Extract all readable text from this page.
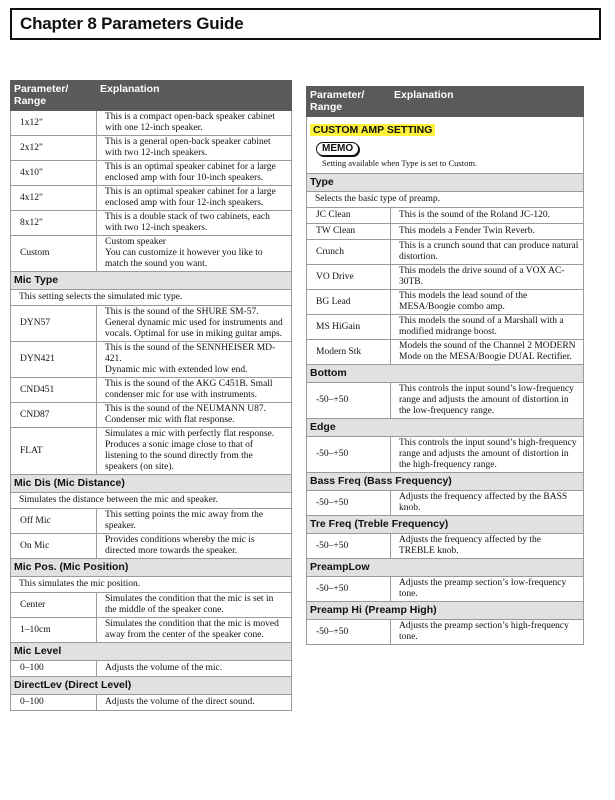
Chapter 8 Parameters Guide
Parameter/
Range	Explanation
1x12"	This is a compact open-back speaker cabinet with one 12-inch speaker.
2x12"	This is a general open-back speaker cabinet with two 12-inch speakers.
4x10"	This is an optimal speaker cabinet for a large enclosed amp with four 10-inch speakers.
4x12"	This is an optimal speaker cabinet for a large enclosed amp with four 12-inch speakers.
8x12"	This is a double stack of two cabinets, each with two 12-inch speakers.
Custom	Custom speaker
You can customize it however you like to match the sound you want.
Mic Type	
This setting selects the simulated mic type.	
DYN57	This is the sound of the SHURE SM-57. General dynamic mic used for instruments and vocals. Optimal for use in miking guitar amps.
DYN421	This is the sound of the SENNHEISER MD-421.
Dynamic mic with extended low end.
CND451	This is the sound of the AKG C451B. Small condenser mic for use with instruments.
CND87	This is the sound of the NEUMANN U87. Condenser mic with flat response.
FLAT	Simulates a mic with perfectly flat response. Produces a sonic image close to that of listening to the sound directly from the speakers (on site).
Mic Dis (Mic Distance)	
Simulates the distance between the mic and speaker.	
Off Mic	This setting points the mic away from the speaker.
On Mic	Provides conditions whereby the mic is directed more towards the speaker.
Mic Pos. (Mic Position)	
This simulates the mic position.	
Center	Simulates the condition that the mic is set in the middle of the speaker cone.
1–10cm	Simulates the condition that the mic is moved away from the center of the speaker cone.
Mic Level	
0–100	Adjusts the volume of the mic.
DirectLev (Direct Level)	
0–100	Adjusts the volume of the direct sound.
Parameter/
Range	Explanation
CUSTOM AMP SETTING
MEMO
Setting available when Type is set to Custom.	

Type	
Selects the basic type of preamp.	
JC Clean	This is the sound of the Roland JC-120.
TW Clean	This models a Fender Twin Reverb.
Crunch	This is a crunch sound that can produce natural distortion.
VO Drive	This models the drive sound of a VOX AC-30TB.
BG Lead	This models the lead sound of the MESA/Boogie combo amp.
MS HiGain	This models the sound of a Marshall with a modified midrange boost.
Modern Stk	Models the sound of the Channel 2 MODERN Mode on the MESA/Boogie DUAL Rectifier.
Bottom	
-50–+50	This controls the input sound’s low-frequency range and adjusts the amount of distortion in the low-frequency range.
Edge	
-50–+50	This controls the input sound’s high-frequency range and adjusts the amount of distortion in the high-frequency range.
Bass Freq (Bass Frequency)	
-50–+50	Adjusts the frequency affected by the BASS knob.
Tre Freq (Treble Frequency)	
-50–+50	Adjusts the frequency affected by the TREBLE knob.
PreampLow	
-50–+50	Adjusts the preamp section’s low-frequency tone.
Preamp Hi (Preamp High)	
-50–+50	Adjusts the preamp section’s high-frequency tone.
